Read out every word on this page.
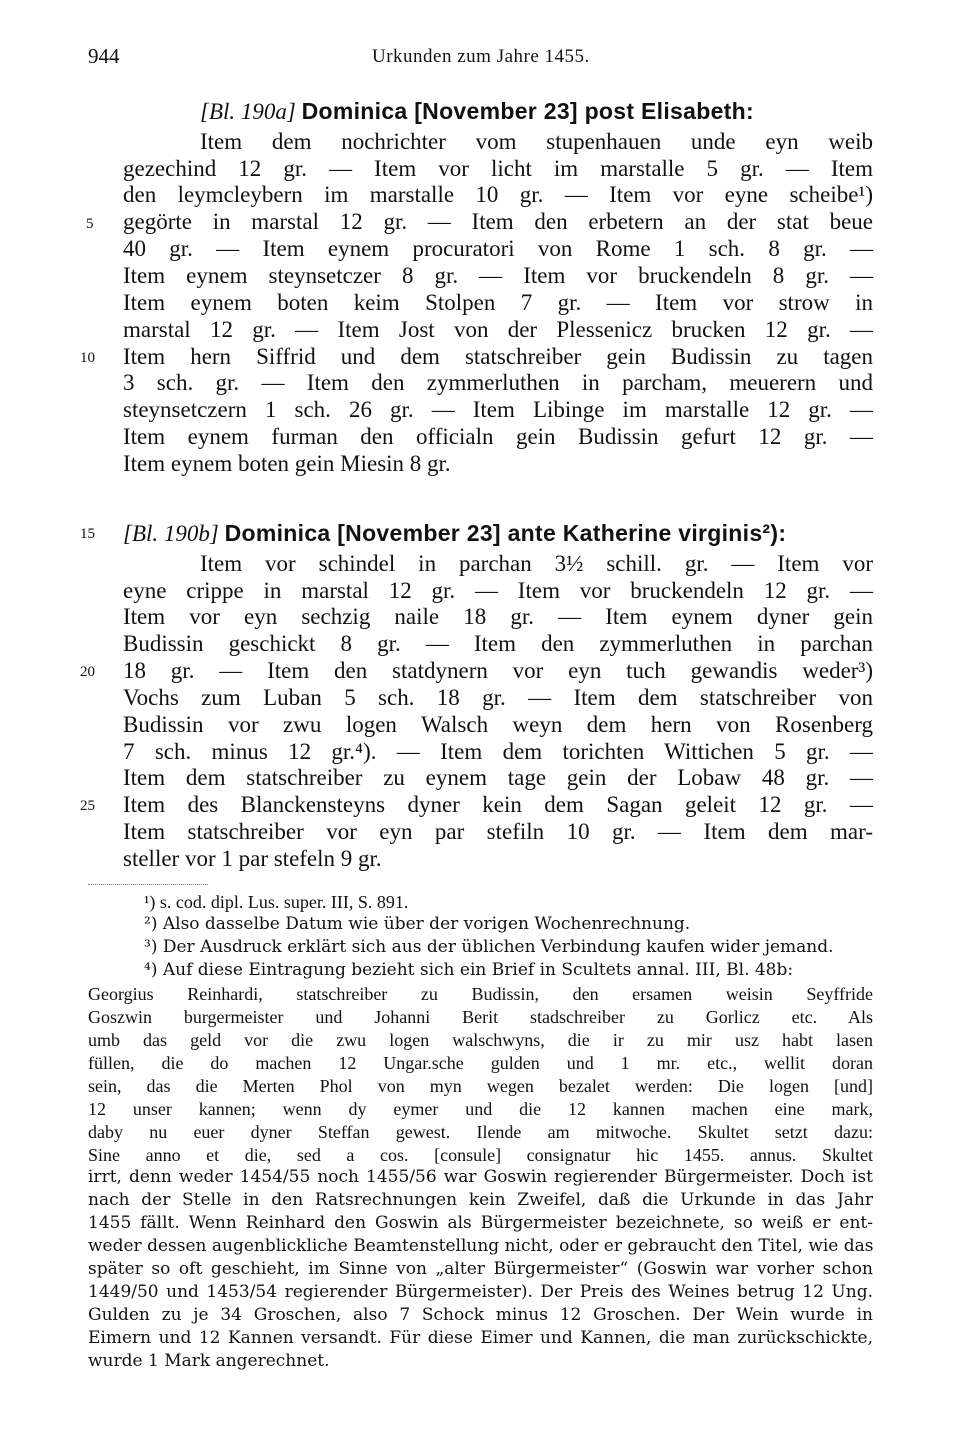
944	Urkunden zum Jahre 1455.
[Bl. 190a] Dominica [November 23] post Elisabeth:
Item dem nochrichter vom stupenhauen unde eyn weib
gezechind 12 gr. — Item vor licht im marstalle 5 gr. — Item
den leymcleybern im marstalle 10 gr. — Item vor eyne scheibe¹)
gegörte in marstal 12 gr. — Item den erbetern an der stat beue
40 gr. — Item eynem procuratori von Rome 1 sch. 8 gr. —
Item eynem steynsetczer 8 gr. — Item vor bruckendeln 8 gr. —
Item eynem boten keim Stolpen 7 gr. — Item vor strow in
marstal 12 gr. — Item Jost von der Plessenicz brucken 12 gr. —
Item hern Siffrid und dem statschreiber gein Budissin zu tagen
3 sch. gr. — Item den zymmerluthen in parcham, meuerern und
steynsetczern 1 sch. 26 gr. — Item Libinge im marstalle 12 gr. —
Item eynem furman den officialn gein Budissin gefurt 12 gr. —
Item eynem boten gein Miesin 8 gr.
[Bl. 190b] Dominica [November 23] ante Katherine virginis²):
Item vor schindel in parchan 3½ schill. gr. — Item vor
eyne crippe in marstal 12 gr. — Item vor bruckendeln 12 gr. —
Item vor eyn sechzig naile 18 gr. — Item eynem dyner gein
Budissin geschickt 8 gr. — Item den zymmerluthen in parchan
18 gr. — Item den statdynern vor eyn tuch gewandis weder³)
Vochs zum Luban 5 sch. 18 gr. — Item dem statschreiber von
Budissin vor zwu logen Walsch weyn dem hern von Rosenberg
7 sch. minus 12 gr.⁴). — Item dem torichten Wittichen 5 gr. —
Item dem statschreiber zu eynem tage gein der Lobaw 48 gr. —
Item des Blanckensteyns dyner kein dem Sagan geleit 12 gr. —
Item statschreiber vor eyn par stefiln 10 gr. — Item dem mar-
steller vor 1 par stefeln 9 gr.
5
10
15
20
25
¹) s. cod. dipl. Lus. super. III, S. 891.
²) Also dasselbe Datum wie über der vorigen Wochenrechnung.
³) Der Ausdruck erklärt sich aus der üblichen Verbindung kaufen wider jemand.
⁴) Auf diese Eintragung bezieht sich ein Brief in Scultets annal. III, Bl. 48b:
Georgius Reinhardi, statschreiber zu Budissin, den ersamen weisin Seyffride
Goszwin burgermeister und Johanni Berit stadschreiber zu Gorlicz etc. Als
umb das geld vor die zwu logen walschwyns, die ir zu mir usz habt lasen
füllen, die do machen 12 Ungar.sche gulden und 1 mr. etc., wellit doran
sein, das die Merten Phol von myn wegen bezalet werden: Die logen [und]
12 unser kannen; wenn dy eymer und die 12 kannen machen eine mark,
daby nu euer dyner Steffan gewest. Ilende am mitwoche. Skultet setzt dazu:
Sine anno et die, sed a cos. [consule] consignatur hic 1455. annus. Skultet
irrt, denn weder 1454/55 noch 1455/56 war Goswin regierender Bürgermeister. Doch ist
nach der Stelle in den Ratsrechnungen kein Zweifel, daß die Urkunde in das Jahr
1455 fällt. Wenn Reinhard den Goswin als Bürgermeister bezeichnete, so weiß er ent-
weder dessen augenblickliche Beamtenstellung nicht, oder er gebraucht den Titel, wie das
später so oft geschieht, im Sinne von „alter Bürgermeister“ (Goswin war vorher schon
1449/50 und 1453/54 regierender Bürgermeister). Der Preis des Weines betrug 12 Ung.
Gulden zu je 34 Groschen, also 7 Schock minus 12 Groschen. Der Wein wurde in
Eimern und 12 Kannen versandt. Für diese Eimer und Kannen, die man zurückschickte,
wurde 1 Mark angerechnet.
